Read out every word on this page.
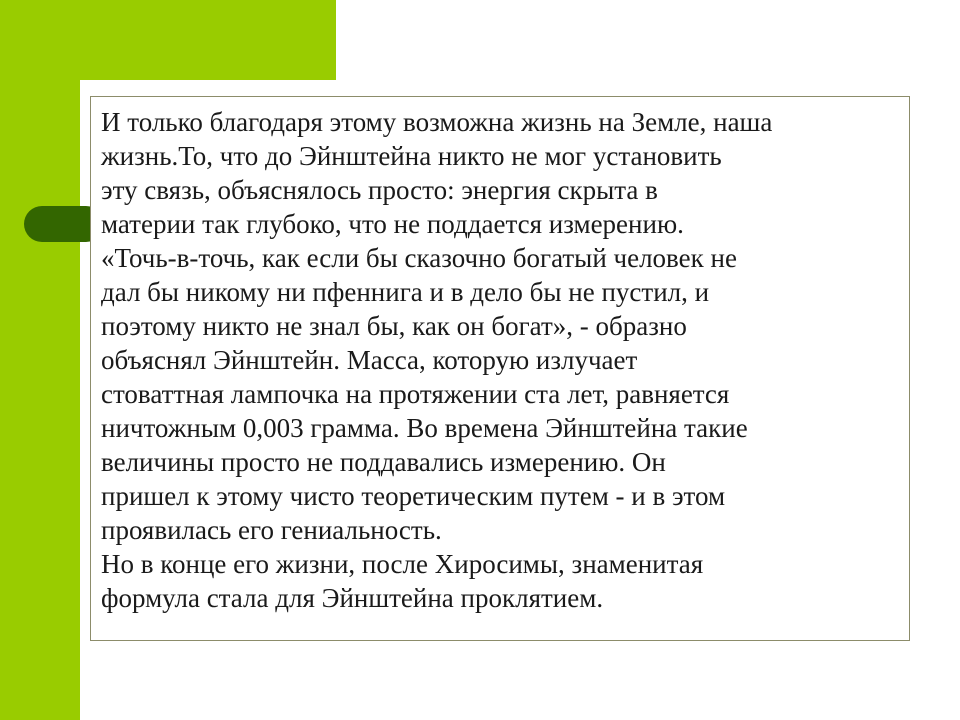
И только благодаря этому возможна жизнь на Земле, наша
жизнь.То, что до Эйнштейна никто не мог установить
эту связь, объяснялось просто: энергия скрыта в
материи так глубоко, что не поддается измерению.
«Точь-в-точь, как если бы сказочно богатый человек не
дал бы никому ни пфеннига и в дело бы не пустил, и
поэтому никто не знал бы, как он богат», - образно
объяснял Эйнштейн. Масса, которую излучает
стоваттная лампочка на протяжении ста лет, равняется
ничтожным 0,003 грамма. Во времена Эйнштейна такие
величины просто не поддавались измерению. Он
пришел к этому чисто теоретическим путем - и в этом
проявилась его гениальность.
Но в конце его жизни, после Хиросимы, знаменитая
формула стала для Эйнштейна проклятием.
